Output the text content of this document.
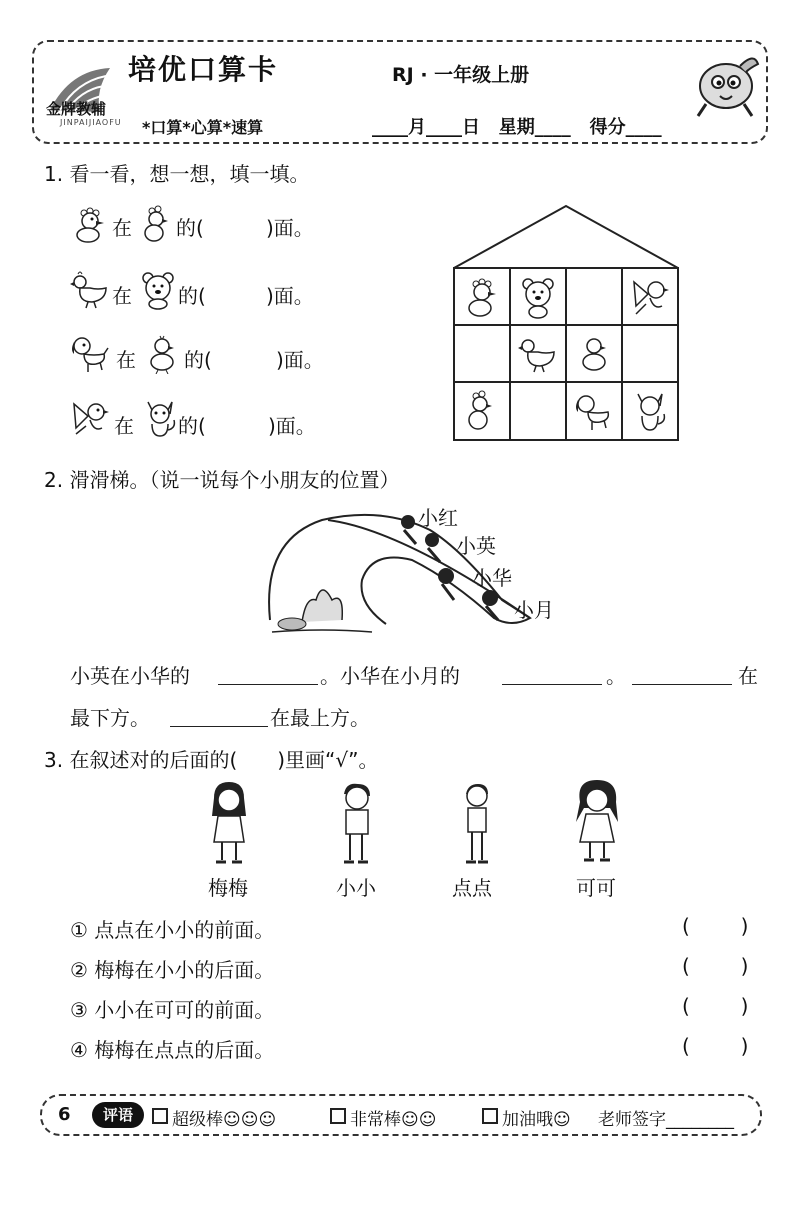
金牌教辅
JINPAIJIAOFU
培优口算卡	RJ · 一年级上册
*口算*心算*速算	____月____日   星期____   得分____
1. 看一看，想一想，填一填。
在 的(	)面。
在 的(	)面。
在 的(	)面。
在 的(	)面。
2. 滑滑梯。（说一说每个小朋友的位置）
小红
小英
小华
小月
小英在小华的	。小华在小月的	。	在
最下方。	在最上方。
3. 在叙述对的后面的(　　)里画“√”。
梅梅	小小	点点	可可
① 点点在小小的前面。	(        )
② 梅梅在小小的后面。	(        )
③ 小小在可可的前面。	(        )
④ 梅梅在点点的后面。	(        )
6	评语	超级棒☺☺☺	非常棒☺☺	加油哦☺ 老师签字________
